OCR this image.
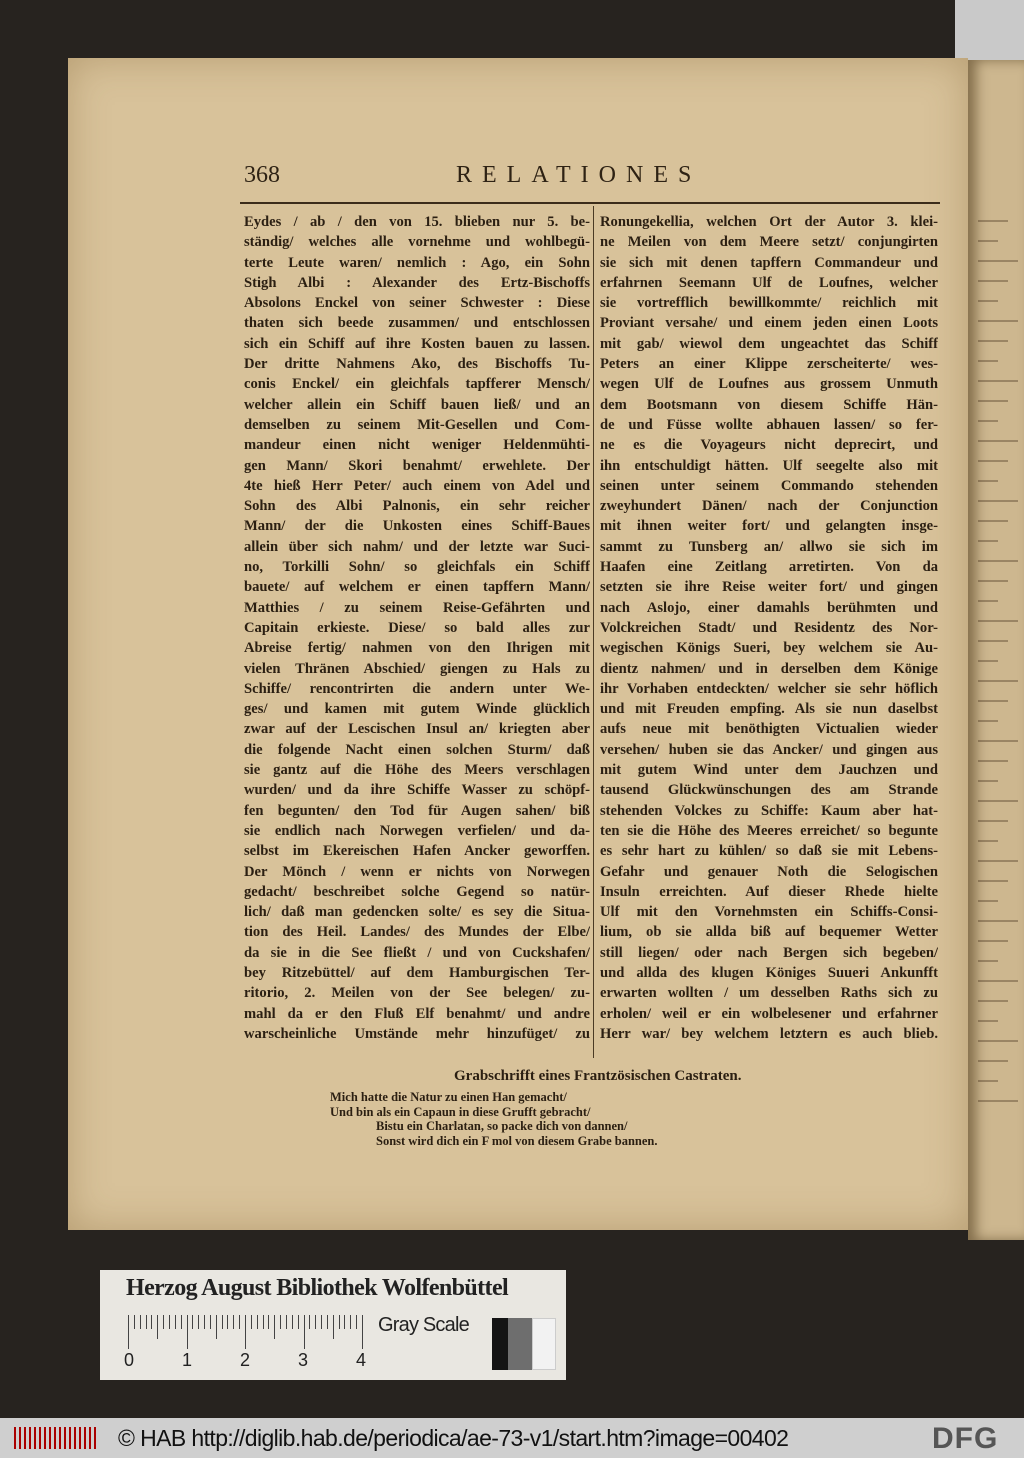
368	RELATIONES
Eydes / ab / den von 15. blieben nur 5. be-
ständig/ welches alle vornehme und wohlbegü-
terte Leute waren/ nemlich : Ago, ein Sohn
Stigh Albi : Alexander des Ertz-Bischoffs
Absolons Enckel von seiner Schwester : Diese
thaten sich beede zusammen/ und entschlossen
sich ein Schiff auf ihre Kosten bauen zu lassen.
Der dritte Nahmens Ako, des Bischoffs Tu-
conis Enckel/ ein gleichfals tapfferer Mensch/
welcher allein ein Schiff bauen ließ/ und an
demselben zu seinem Mit-Gesellen und Com-
mandeur einen nicht weniger Heldenmühti-
gen Mann/ Skori benahmt/ erwehlete. Der
4te hieß Herr Peter/ auch einem von Adel und
Sohn des Albi Palnonis, ein sehr reicher
Mann/ der die Unkosten eines Schiff-Baues
allein über sich nahm/ und der letzte war Suci-
no, Torkilli Sohn/ so gleichfals ein Schiff
bauete/ auf welchem er einen tapffern Mann/
Matthies / zu seinem Reise-Gefährten und
Capitain erkieste. Diese/ so bald alles zur
Abreise fertig/ nahmen von den Ihrigen mit
vielen Thränen Abschied/ giengen zu Hals zu
Schiffe/ rencontrirten die andern unter We-
ges/ und kamen mit gutem Winde glücklich
zwar auf der Lescischen Insul an/ kriegten aber
die folgende Nacht einen solchen Sturm/ daß
sie gantz auf die Höhe des Meers verschlagen
wurden/ und da ihre Schiffe Wasser zu schöpf-
fen begunten/ den Tod für Augen sahen/ biß
sie endlich nach Norwegen verfielen/ und da-
selbst im Ekereischen Hafen Ancker geworffen.
Der Mönch / wenn er nichts von Norwegen
gedacht/ beschreibet solche Gegend so natür-
lich/ daß man gedencken solte/ es sey die Situa-
tion des Heil. Landes/ des Mundes der Elbe/
da sie in die See fließt / und von Cuckshafen/
bey Ritzebüttel/ auf dem Hamburgischen Ter-
ritorio, 2. Meilen von der See belegen/ zu-
mahl da er den Fluß Elf benahmt/ und andre
warscheinliche Umstände mehr hinzufüget/ zu
Ronungekellia, welchen Ort der Autor 3. klei-
ne Meilen von dem Meere setzt/ conjungirten
sie sich mit denen tapffern Commandeur und
erfahrnen Seemann Ulf de Loufnes, welcher
sie vortrefflich bewillkommte/ reichlich mit
Proviant versahe/ und einem jeden einen Loots
mit gab/ wiewol dem ungeachtet das Schiff
Peters an einer Klippe zerscheiterte/ wes-
wegen Ulf de Loufnes aus grossem Unmuth
dem Bootsmann von diesem Schiffe Hän-
de und Füsse wollte abhauen lassen/ so fer-
ne es die Voyageurs nicht deprecirt, und
ihn entschuldigt hätten. Ulf seegelte also mit
seinen unter seinem Commando stehenden
zweyhundert Dänen/ nach der Conjunction
mit ihnen weiter fort/ und gelangten insge-
sammt zu Tunsberg an/ allwo sie sich im
Haafen eine Zeitlang arretirten. Von da
setzten sie ihre Reise weiter fort/ und gingen
nach Aslojo, einer damahls berühmten und
Volckreichen Stadt/ und Residentz des Nor-
wegischen Königs Sueri, bey welchem sie Au-
dientz nahmen/ und in derselben dem Könige
ihr Vorhaben entdeckten/ welcher sie sehr höflich
und mit Freuden empfing. Als sie nun daselbst
aufs neue mit benöthigten Victualien wieder
versehen/ huben sie das Ancker/ und gingen aus
mit gutem Wind unter dem Jauchzen und
tausend Glückwünschungen des am Strande
stehenden Volckes zu Schiffe: Kaum aber hat-
ten sie die Höhe des Meeres erreichet/ so begunte
es sehr hart zu kühlen/ so daß sie mit Lebens-
Gefahr und genauer Noth die Selogischen
Insuln erreichten. Auf dieser Rhede hielte
Ulf mit den Vornehmsten ein Schiffs-Consi-
lium, ob sie allda biß auf bequemer Wetter
still liegen/ oder nach Bergen sich begeben/
und allda des klugen Königes Suueri Ankunfft
erwarten wollten / um desselben Raths sich zu
erholen/ weil er ein wolbelesener und erfahrner
Herr war/ bey welchem letztern es auch blieb.
Grabschrifft eines Frantzösischen Castraten.
Mich hatte die Natur zu einen Han gemacht/
Und bin als ein Capaun in diese Grufft gebracht/
Bistu ein Charlatan, so packe dich von dannen/
Sonst wird dich ein F mol von diesem Grabe bannen.
Herzog August Bibliothek Wolfenbüttel
0	1	2	3	4
Gray Scale
© HAB http://diglib.hab.de/periodica/ae-73-v1/start.htm?image=00402	DFG
